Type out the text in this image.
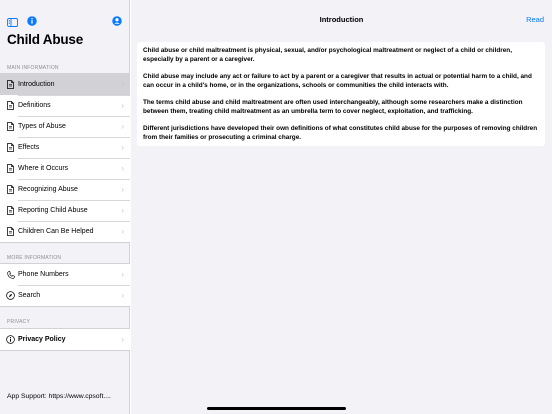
Child Abuse
MAIN INFORMATION
Introduction	›
Definitions	›
Types of Abuse	›
Effects	›
Where it Occurs	›
Recognizing Abuse	›
Reporting Child Abuse	›
Children Can Be Helped	›
MORE INFORMATION
Phone Numbers	›
Search	›
PRIVACY
Privacy Policy	›
App Support: https://www.cpsoft....
Introduction	Read

Child abuse or child maltreatment is physical, sexual, and/or psychological maltreatment or neglect of a child or children, especially by a parent or a caregiver.

Child abuse may include any act or failure to act by a parent or a caregiver that results in actual or potential harm to a child, and can occur in a child's home, or in the organizations, schools or communities the child interacts with.

The terms child abuse and child maltreatment are often used interchangeably, although some researchers make a distinction between them, treating child maltreatment as an umbrella term to cover neglect, exploitation, and trafficking.

Different jurisdictions have developed their own definitions of what constitutes child abuse for the purposes of removing children from their families or prosecuting a criminal charge.
